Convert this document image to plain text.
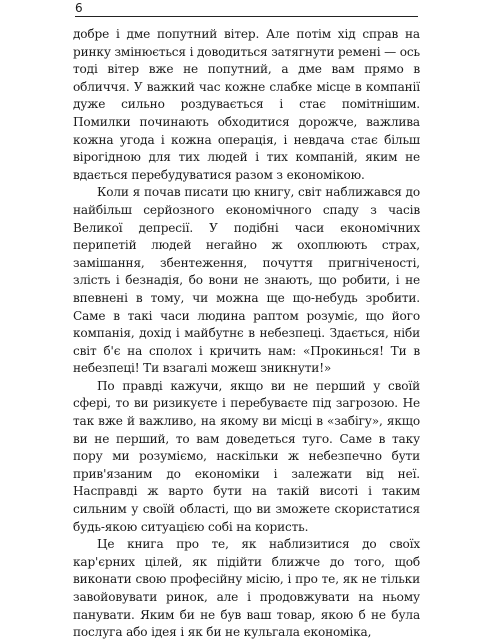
6

добре і дме попутний вітер. Але потім хід справ на ринку змінюється і доводиться затягнути ремені — ось тоді вітер вже не попутний, а дме вам прямо в обличчя. У важкий час кожне слабке місце в компанії дуже сильно роздувається і стає помітнішим. Помилки починають обходитися дорожче, важлива кожна угода і кожна операція, і невдача стає більш вірогідною для тих людей і тих компаній, яким не вдається перебудуватися разом з економікою.

Коли я почав писати цю книгу, світ наближався до найбільш серйозного економічного спаду з часів Великої депресії. У подібні часи економічних перипетій людей негайно ж охоплюють страх, замішання, збентеження, почуття пригніченості, злість і безнадія, бо вони не знають, що робити, і не впевнені в тому, чи можна ще що-небудь зробити. Саме в такі часи людина раптом розуміє, що його компанія, дохід і майбутнє в небезпеці. Здається, ніби світ б'є на сполох і кричить нам: «Прокинься! Ти в небезпеці! Ти взагалі можеш зникнути!»

По правді кажучи, якщо ви не перший у своїй сфері, то ви ризикуєте і перебуваєте під загрозою. Не так вже й важливо, на якому ви місці в «забігу», якщо ви не перший, то вам доведеться туго. Саме в таку пору ми розуміємо, наскільки ж небезпечно бути прив'язаним до економіки і залежати від неї. Насправді ж варто бути на такій висоті і таким сильним у своїй області, що ви зможете скористатися будь-якою ситуацією собі на користь.

Це книга про те, як наблизитися до своїх кар'єрних цілей, як підійти ближче до того, щоб виконати свою професійну місію, і про те, як не тільки завойовувати ринок, але і продовжувати на ньому панувати. Яким би не був ваш товар, якою б не була послуга або ідея і як би не кульгала економіка,
